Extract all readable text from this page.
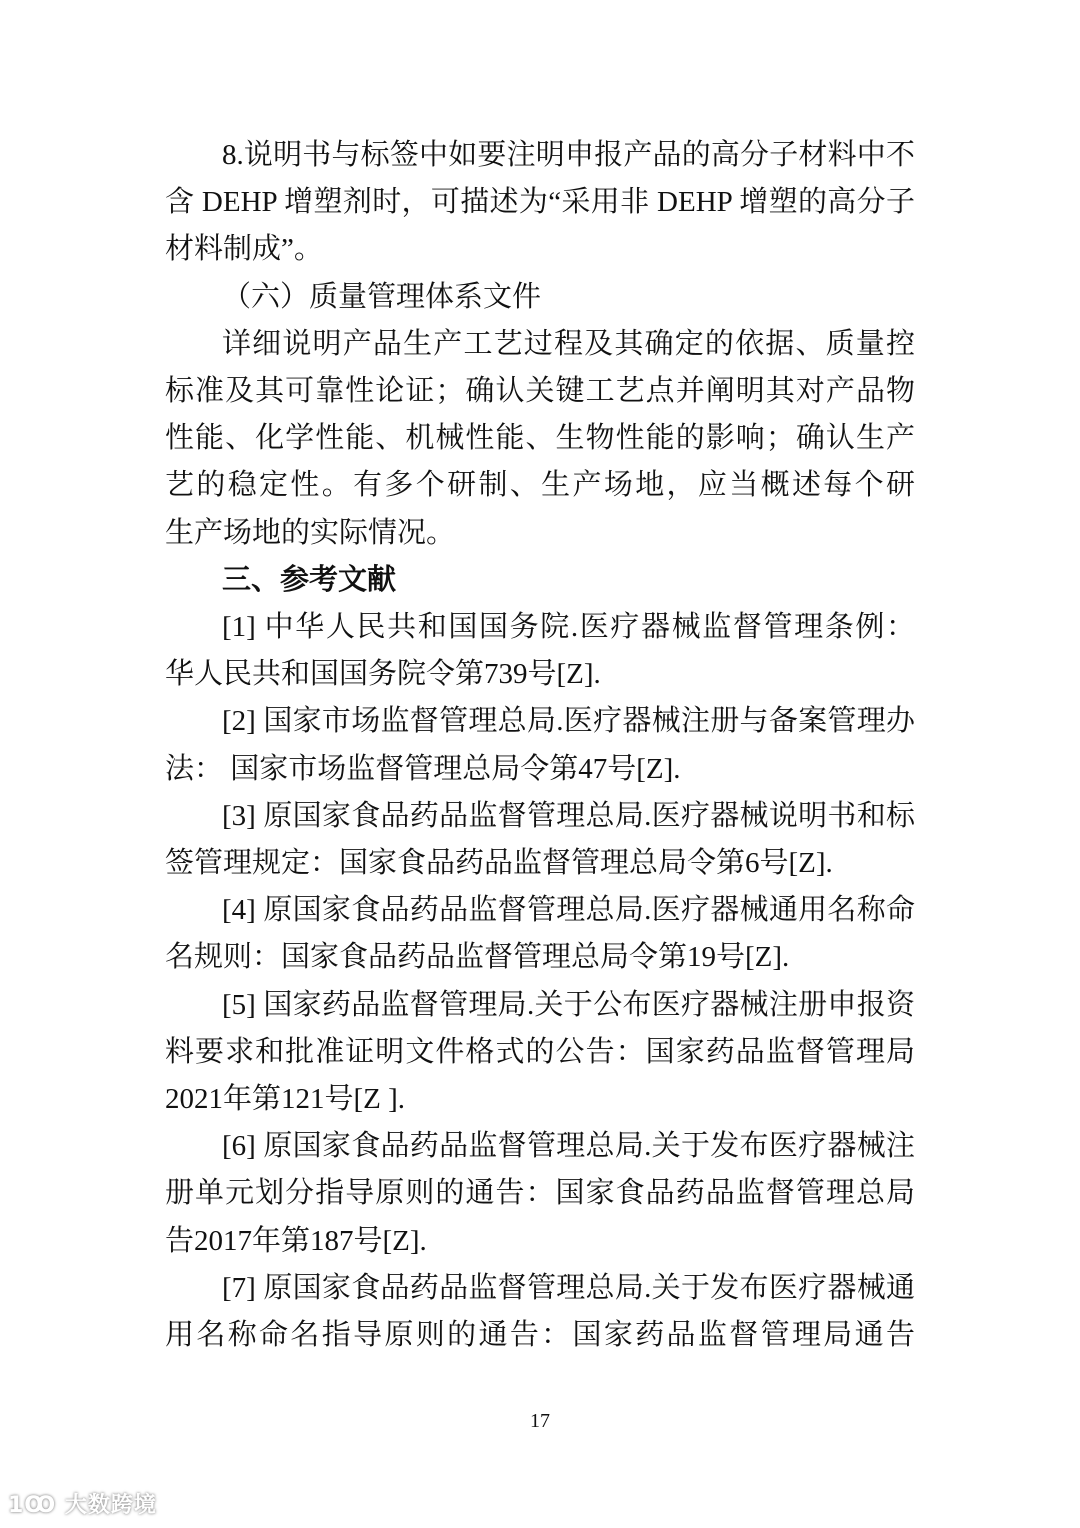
8.说明书与标签中如要注明申报产品的高分子材料中不
含 DEHP 增塑剂时，可描述为“采用非 DEHP 增塑的高分子
材料制成”。
（六）质量管理体系文件
详细说明产品生产工艺过程及其确定的依据、质量控
标准及其可靠性论证；确认关键工艺点并阐明其对产品物
性能、化学性能、机械性能、生物性能的影响；确认生产
艺的稳定性。有多个研制、生产场地，应当概述每个研
生产场地的实际情况。
三、参考文献
[1] 中华人民共和国国务院.医疗器械监督管理条例：
华人民共和国国务院令第739号[Z].
[2] 国家市场监督管理总局.医疗器械注册与备案管理办
法： 国家市场监督管理总局令第47号[Z].
[3] 原国家食品药品监督管理总局.医疗器械说明书和标
签管理规定：国家食品药品监督管理总局令第6号[Z].
[4] 原国家食品药品监督管理总局.医疗器械通用名称命
名规则：国家食品药品监督管理总局令第19号[Z].
[5] 国家药品监督管理局.关于公布医疗器械注册申报资
料要求和批准证明文件格式的公告：国家药品监督管理局
2021年第121号[Z ].
[6] 原国家食品药品监督管理总局.关于发布医疗器械注
册单元划分指导原则的通告：国家食品药品监督管理总局
告2017年第187号[Z].
[7] 原国家食品药品监督管理总局.关于发布医疗器械通
用名称命名指导原则的通告：国家药品监督管理局通告
17
1Ꝏ 大数跨境
